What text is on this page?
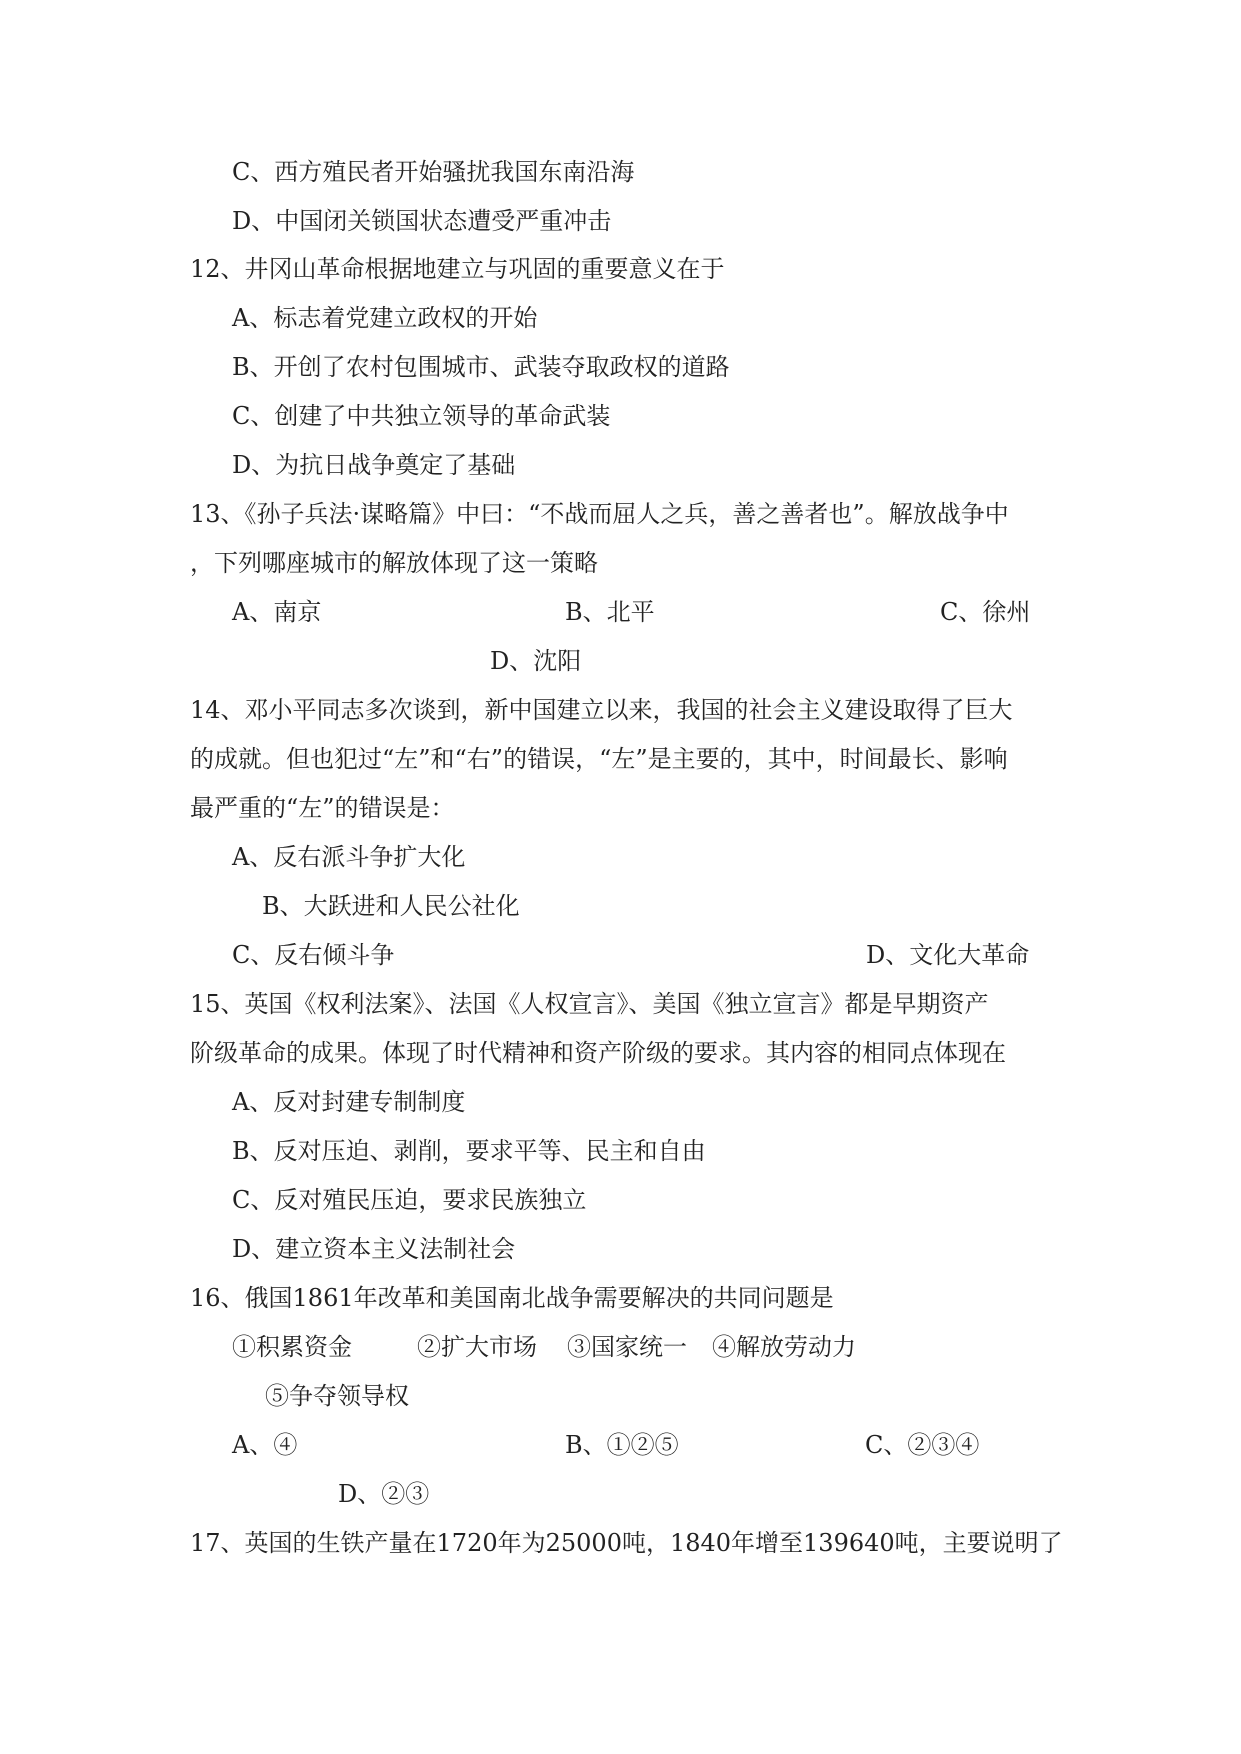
C、西方殖民者开始骚扰我国东南沿海
D、中国闭关锁国状态遭受严重冲击
12、井冈山革命根据地建立与巩固的重要意义在于
A、标志着党建立政权的开始
B、开创了农村包围城市、武装夺取政权的道路
C、创建了中共独立领导的革命武装
D、为抗日战争奠定了基础
13、《孙子兵法·谋略篇》中曰：“不战而屈人之兵，善之善者也”。解放战争中
，下列哪座城市的解放体现了这一策略
A、南京	B、北平	C、徐州
D、沈阳
14、邓小平同志多次谈到，新中国建立以来，我国的社会主义建设取得了巨大
的成就。但也犯过“左”和“右”的错误，“左”是主要的，其中，时间最长、影响
最严重的“左”的错误是：
A、反右派斗争扩大化
B、大跃进和人民公社化
C、反右倾斗争	D、文化大革命
15、英国《权利法案》、法国《人权宣言》、美国《独立宣言》都是早期资产
阶级革命的成果。体现了时代精神和资产阶级的要求。其内容的相同点体现在
A、反对封建专制制度
B、反对压迫、剥削，要求平等、民主和自由
C、反对殖民压迫，要求民族独立
D、建立资本主义法制社会
16、俄国1861年改革和美国南北战争需要解决的共同问题是
①积累资金	②扩大市场 ③国家统一 ④解放劳动力
⑤争夺领导权
A、④	B、①②⑤	C、②③④
D、②③
17、英国的生铁产量在1720年为25000吨，1840年增至139640吨，主要说明了
